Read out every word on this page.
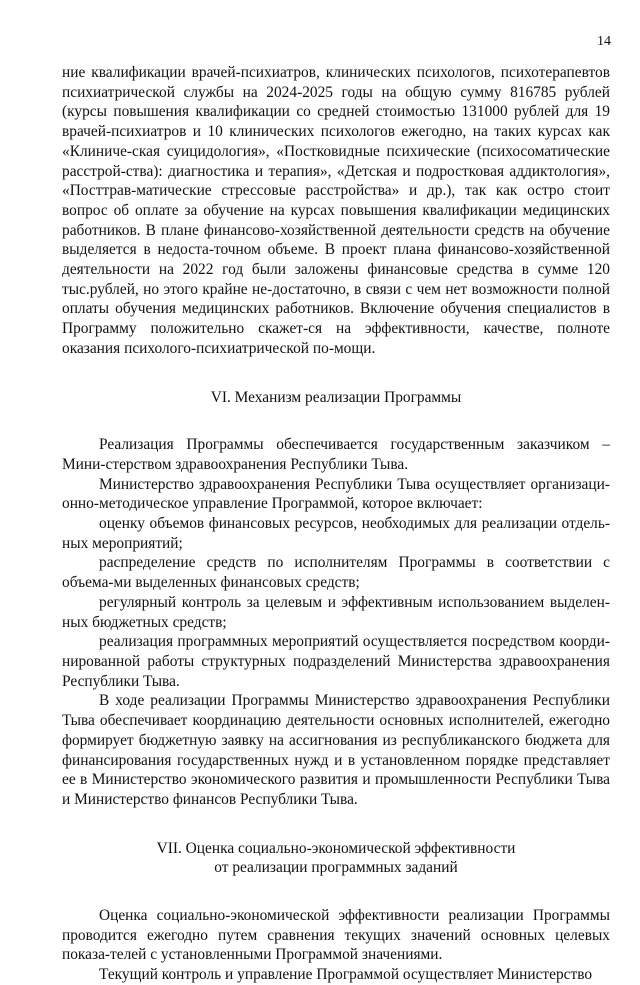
14

ние квалификации врачей-психиатров, клинических психологов, психотерапевтов психиатрической службы на 2024-2025 годы на общую сумму 816785 рублей (курсы повышения квалификации со средней стоимостью 131000 рублей для 19 врачей-психиатров и 10 клинических психологов ежегодно, на таких курсах как «Клиниче-ская суицидология», «Постковидные психические (психосоматические расстрой-ства): диагностика и терапия», «Детская и подростковая аддиктология», «Посттрав-матические стрессовые расстройства» и др.), так как остро стоит вопрос об оплате за обучение на курсах повышения квалификации медицинских работников. В плане финансово-хозяйственной деятельности средств на обучение выделяется в недоста-точном объеме. В проект плана финансово-хозяйственной деятельности на 2022 год были заложены финансовые средства в сумме 120 тыс.рублей, но этого крайне не-достаточно, в связи с чем нет возможности полной оплаты обучения медицинских работников. Включение обучения специалистов в Программу положительно скажет-ся на эффективности, качестве, полноте оказания психолого-психиатрической по-мощи.

VI. Механизм реализации Программы

Реализация Программы обеспечивается государственным заказчиком – Мини-стерством здравоохранения Республики Тыва.

Министерство здравоохранения Республики Тыва осуществляет организаци-онно-методическое управление Программой, которое включает:

оценку объемов финансовых ресурсов, необходимых для реализации отдель-ных мероприятий;

распределение средств по исполнителям Программы в соответствии с объема-ми выделенных финансовых средств;

регулярный контроль за целевым и эффективным использованием выделен-ных бюджетных средств;

реализация программных мероприятий осуществляется посредством коорди-нированной работы структурных подразделений Министерства здравоохранения Республики Тыва.

В ходе реализации Программы Министерство здравоохранения Республики Тыва обеспечивает координацию деятельности основных исполнителей, ежегодно формирует бюджетную заявку на ассигнования из республиканского бюджета для финансирования государственных нужд и в установленном порядке представляет ее в Министерство экономического развития и промышленности Республики Тыва и Министерство финансов Республики Тыва.

VII. Оценка социально-экономической эффективности
от реализации программных заданий

Оценка социально-экономической эффективности реализации Программы проводится ежегодно путем сравнения текущих значений основных целевых показа-телей с установленными Программой значениями.

Текущий контроль и управление Программой осуществляет Министерство
